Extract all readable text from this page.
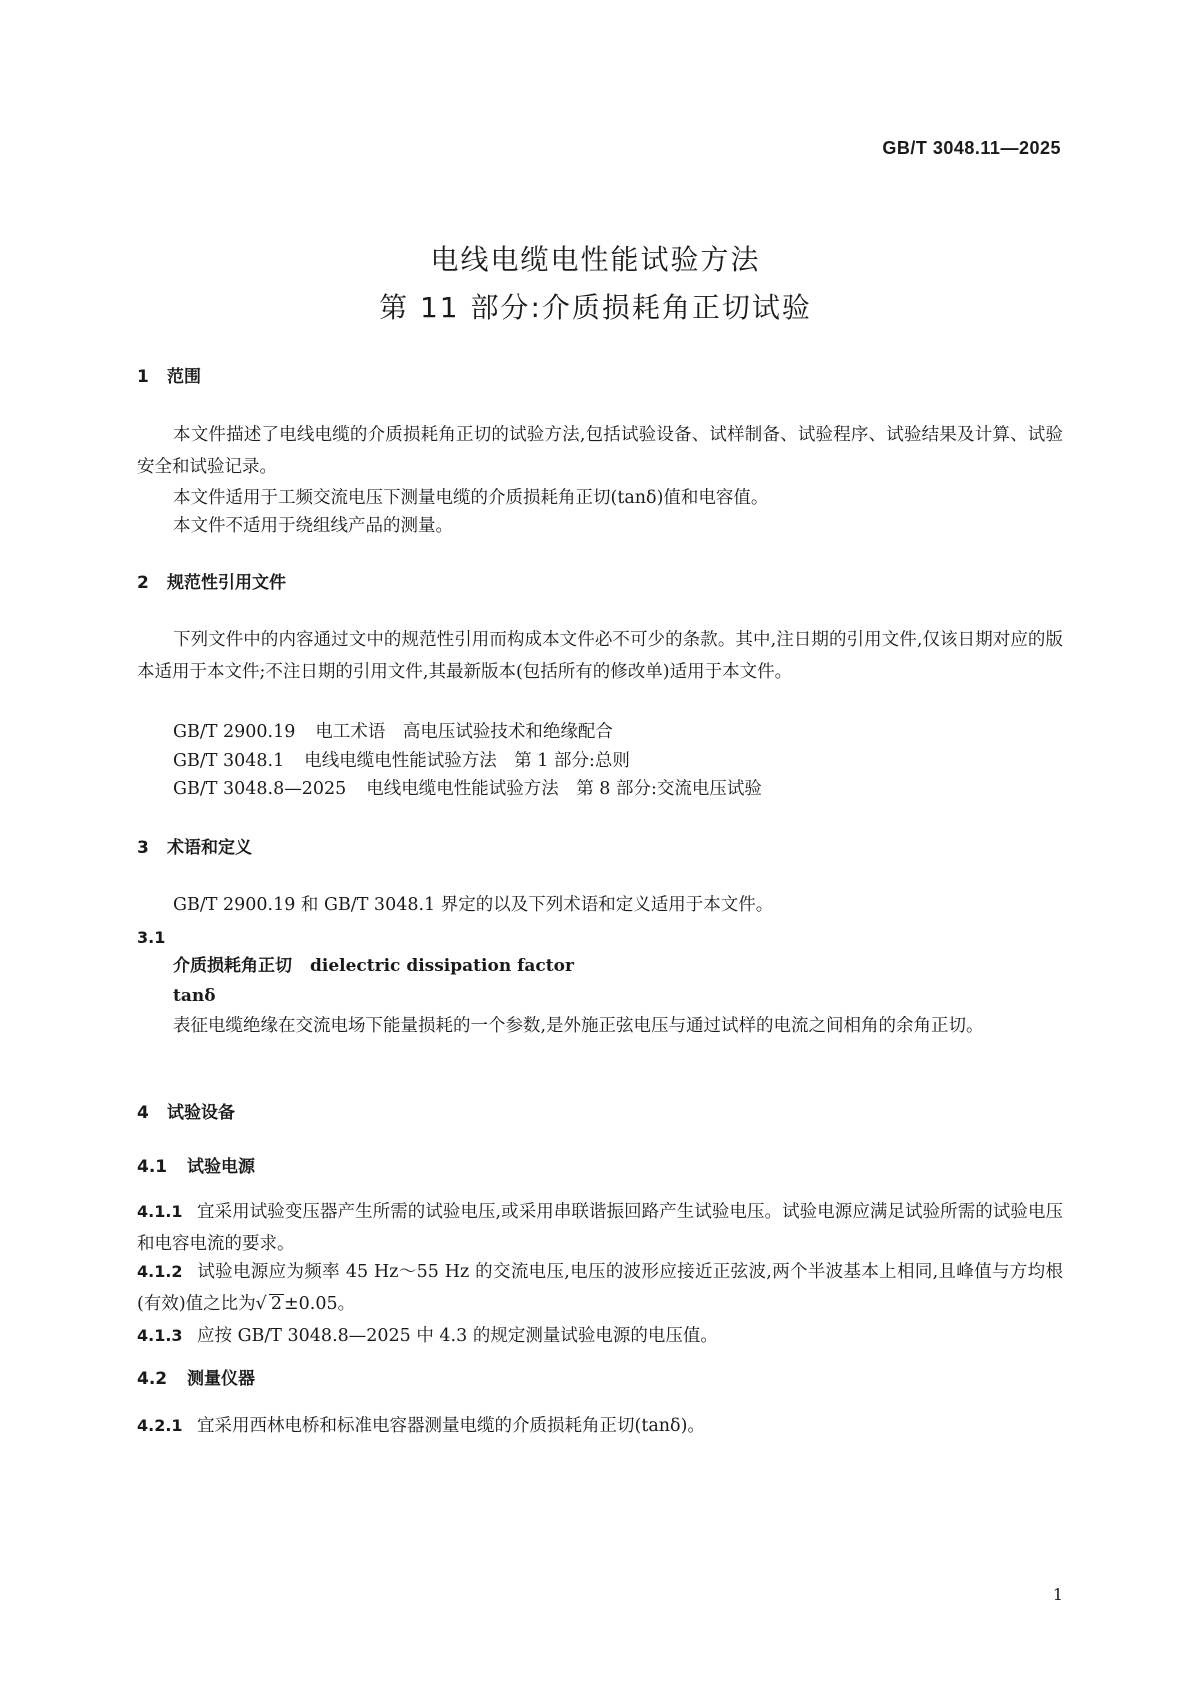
GB/T 3048.11—2025
电线电缆电性能试验方法
第 11 部分:介质损耗角正切试验
1 范围
本文件描述了电线电缆的介质损耗角正切的试验方法,包括试验设备、试样制备、试验程序、试验结果及计算、试验安全和试验记录。
本文件适用于工频交流电压下测量电缆的介质损耗角正切(tanδ)值和电容值。
本文件不适用于绕组线产品的测量。
2 规范性引用文件
下列文件中的内容通过文中的规范性引用而构成本文件必不可少的条款。其中,注日期的引用文件,仅该日期对应的版本适用于本文件;不注日期的引用文件,其最新版本(包括所有的修改单)适用于本文件。
GB/T 2900.19 电工术语　高电压试验技术和绝缘配合
GB/T 3048.1 电线电缆电性能试验方法　第 1 部分:总则
GB/T 3048.8—2025 电线电缆电性能试验方法　第 8 部分:交流电压试验
3 术语和定义
GB/T 2900.19 和 GB/T 3048.1 界定的以及下列术语和定义适用于本文件。
3.1
介质损耗角正切 dielectric dissipation factor
tanδ
表征电缆绝缘在交流电场下能量损耗的一个参数,是外施正弦电压与通过试样的电流之间相角的余角正切。
4 试验设备
4.1 试验电源
4.1.1 宜采用试验变压器产生所需的试验电压,或采用串联谐振回路产生试验电压。试验电源应满足试验所需的试验电压和电容电流的要求。
4.1.2 试验电源应为频率 45 Hz～55 Hz 的交流电压,电压的波形应接近正弦波,两个半波基本上相同,且峰值与方均根(有效)值之比为√ 2 ±0.05。
4.1.3 应按 GB/T 3048.8—2025 中 4.3 的规定测量试验电源的电压值。
4.2 测量仪器
4.2.1 宜采用西林电桥和标准电容器测量电缆的介质损耗角正切(tanδ)。
1
